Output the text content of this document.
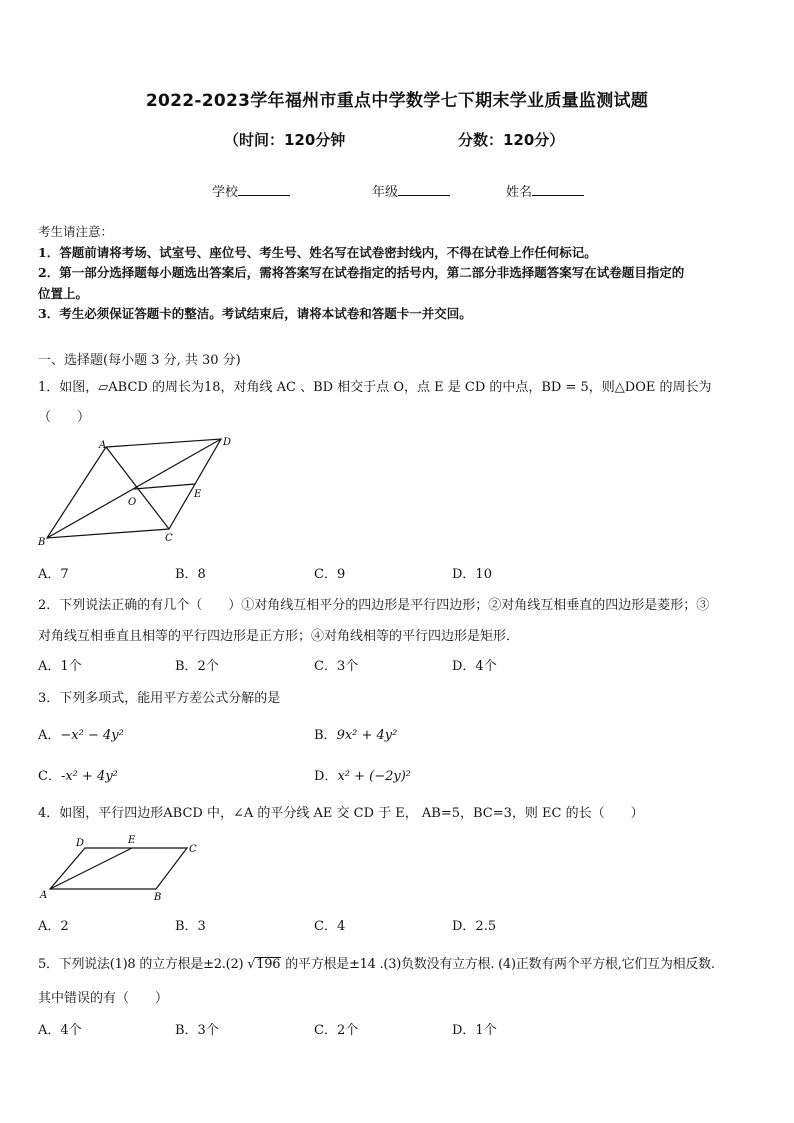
2022-2023学年福州市重点中学数学七下期末学业质量监测试题
（时间：120分钟	分数：120分）
学校	年级	姓名
考生请注意：
1．答题前请将考场、试室号、座位号、考生号、姓名写在试卷密封线内，不得在试卷上作任何标记。
2．第一部分选择题每小题选出答案后，需将答案写在试卷指定的括号内，第二部分非选择题答案写在试卷题目指定的
位置上。
3．考生必须保证答题卡的整洁。考试结束后，请将本试卷和答题卡一并交回。
一、选择题(每小题 3 分, 共 30 分)
1．如图，▱ABCD 的周长为18，对角线 AC 、BD 相交于点 O，点 E 是 CD 的中点，BD = 5，则△DOE 的周长为
（　　）
A	D
O
E
B	C
A．7	B．8	C．9	D．10
2．下列说法正确的有几个（　　）①对角线互相平分的四边形是平行四边形；②对角线互相垂直的四边形是菱形；③
对角线互相垂直且相等的平行四边形是正方形；④对角线相等的平行四边形是矩形．
A．1个	B．2个	C．3个	D．4个
3．下列多项式，能用平方差公式分解的是
A．−x² − 4y²	B．9x² + 4y²
C．-x² + 4y²	D．x² + (−2y)²
4．如图，平行四边形ABCD 中，∠A 的平分线 AE 交 CD 于 E， AB=5，BC=3，则 EC 的长（　　）
D	E
C
A	B
A．2	B．3	C．4	D．2.5
5．下列说法(1)8 的立方根是±2.(2) √196 的平方根是±14 .(3)负数没有立方根. (4)正数有两个平方根,它们互为相反数.
其中错误的有（　　）
A．4个	B．3个	C．2个	D．1个
